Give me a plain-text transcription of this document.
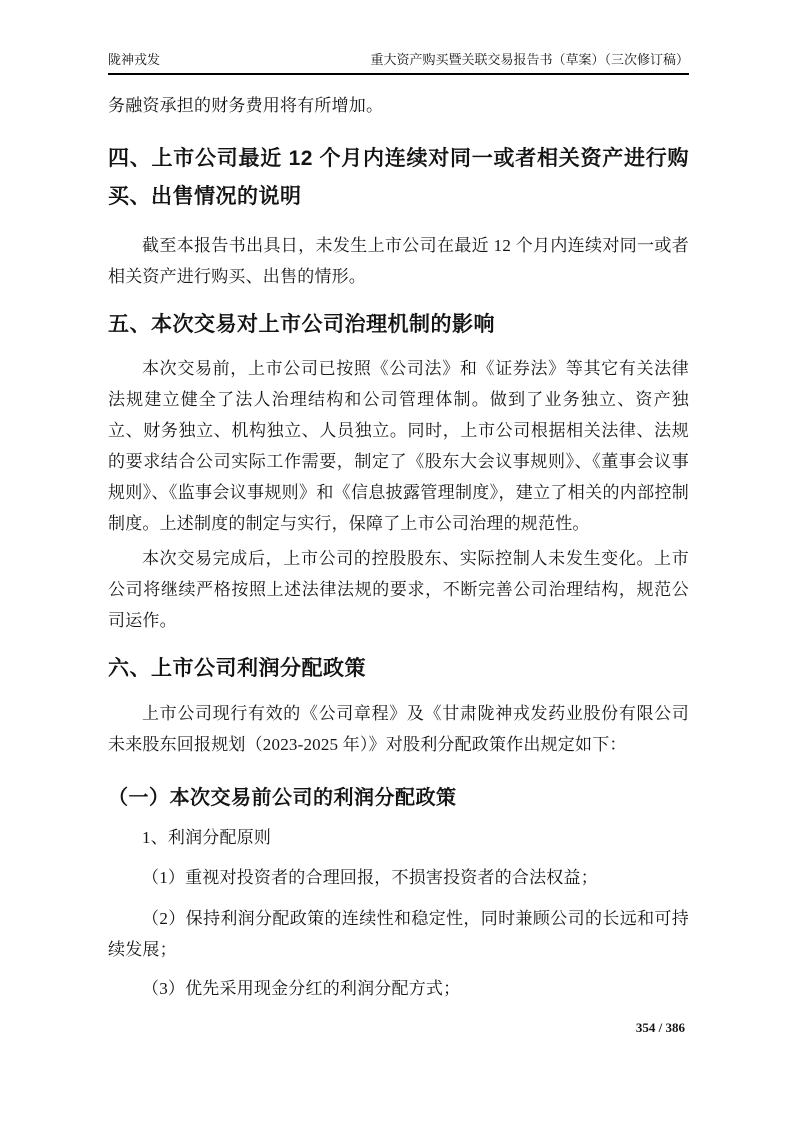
陇神戎发	重大资产购买暨关联交易报告书（草案）（三次修订稿）
务融资承担的财务费用将有所增加。
四、上市公司最近 12 个月内连续对同一或者相关资产进行购买、出售情况的说明
截至本报告书出具日，未发生上市公司在最近 12 个月内连续对同一或者相关资产进行购买、出售的情形。
五、本次交易对上市公司治理机制的影响
本次交易前，上市公司已按照《公司法》和《证券法》等其它有关法律法规建立健全了法人治理结构和公司管理体制。做到了业务独立、资产独立、财务独立、机构独立、人员独立。同时，上市公司根据相关法律、法规的要求结合公司实际工作需要，制定了《股东大会议事规则》、《董事会议事规则》、《监事会议事规则》和《信息披露管理制度》，建立了相关的内部控制制度。上述制度的制定与实行，保障了上市公司治理的规范性。
本次交易完成后，上市公司的控股股东、实际控制人未发生变化。上市公司将继续严格按照上述法律法规的要求，不断完善公司治理结构，规范公司运作。
六、上市公司利润分配政策
上市公司现行有效的《公司章程》及《甘肃陇神戎发药业股份有限公司未来股东回报规划（2023-2025 年）》对股利分配政策作出规定如下：
（一）本次交易前公司的利润分配政策
1、利润分配原则
（1）重视对投资者的合理回报，不损害投资者的合法权益；
（2）保持利润分配政策的连续性和稳定性，同时兼顾公司的长远和可持续发展；
（3）优先采用现金分红的利润分配方式；
354 / 386
